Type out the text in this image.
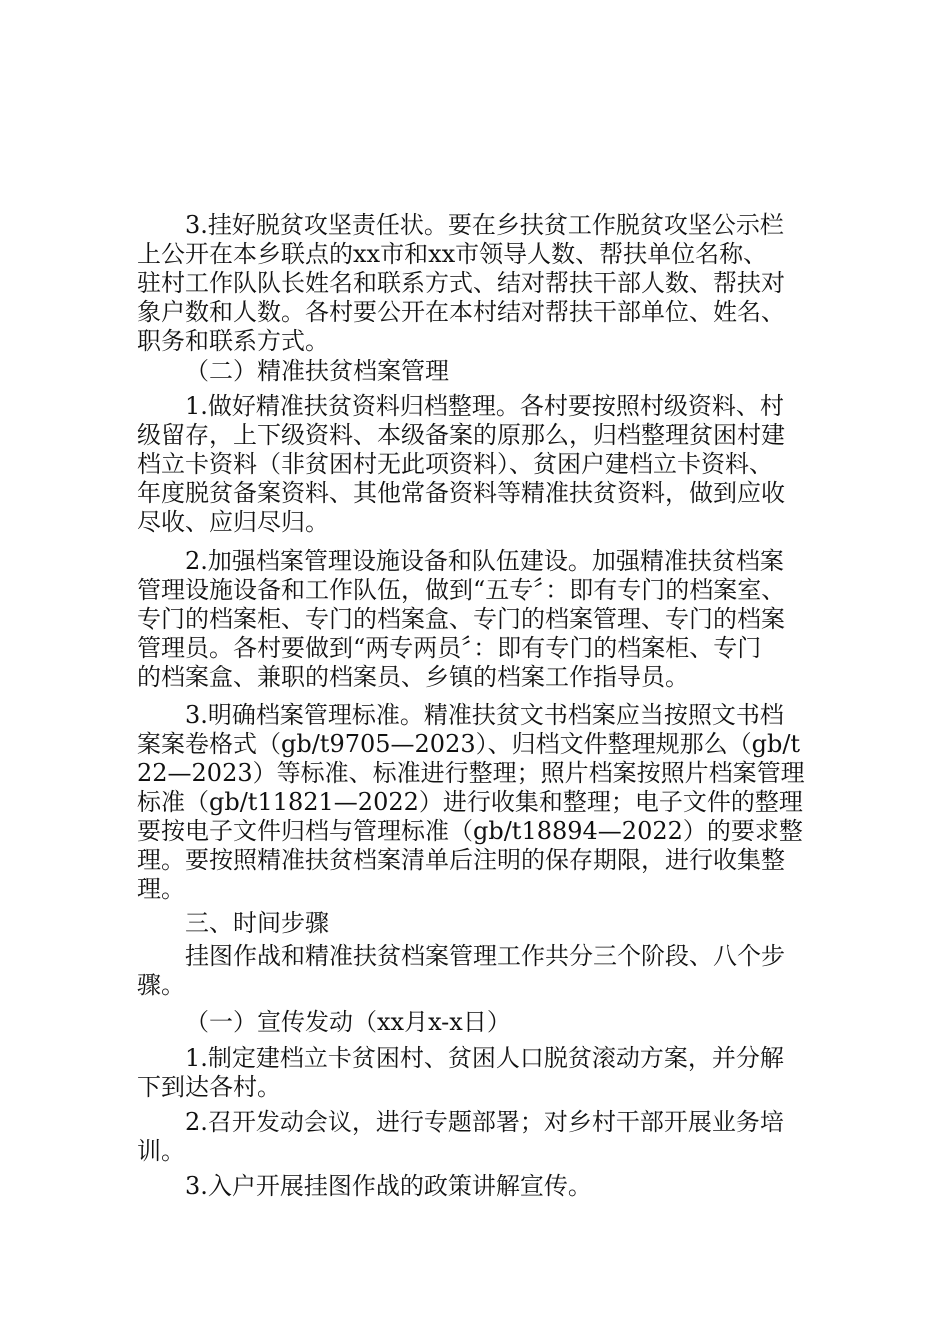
3.挂好脱贫攻坚责任状。要在乡扶贫工作脱贫攻坚公示栏
上公开在本乡联点的xx市和xx市领导人数、帮扶单位名称、
驻村工作队队长姓名和联系方式、结对帮扶干部人数、帮扶对
象户数和人数。各村要公开在本村结对帮扶干部单位、姓名、
职务和联系方式。
（二）精准扶贫档案管理
1.做好精准扶贫资料归档整理。各村要按照村级资料、村
级留存，上下级资料、本级备案的原那么，归档整理贫困村建
档立卡资料（非贫困村无此项资料）、贫困户建档立卡资料、
年度脱贫备案资料、其他常备资料等精准扶贫资料，做到应收
尽收、应归尽归。
2.加强档案管理设施设备和队伍建设。加强精准扶贫档案
管理设施设备和工作队伍，做到“五专〞：即有专门的档案室、
专门的档案柜、专门的档案盒、专门的档案管理、专门的档案
管理员。各村要做到“两专两员〞：即有专门的档案柜、专门
的档案盒、兼职的档案员、乡镇的档案工作指导员。
3.明确档案管理标准。精准扶贫文书档案应当按照文书档
案案卷格式（gb/t9705—2023）、归档文件整理规那么（gb/t
22—2023）等标准、标准进行整理；照片档案按照片档案管理
标准（gb/t11821—2022）进行收集和整理；电子文件的整理
要按电子文件归档与管理标准（gb/t18894—2022）的要求整
理。要按照精准扶贫档案清单后注明的保存期限，进行收集整
理。
三、时间步骤
挂图作战和精准扶贫档案管理工作共分三个阶段、八个步
骤。
（一）宣传发动（xx月x-x日）
1.制定建档立卡贫困村、贫困人口脱贫滚动方案，并分解
下到达各村。
2.召开发动会议，进行专题部署；对乡村干部开展业务培
训。
3.入户开展挂图作战的政策讲解宣传。
